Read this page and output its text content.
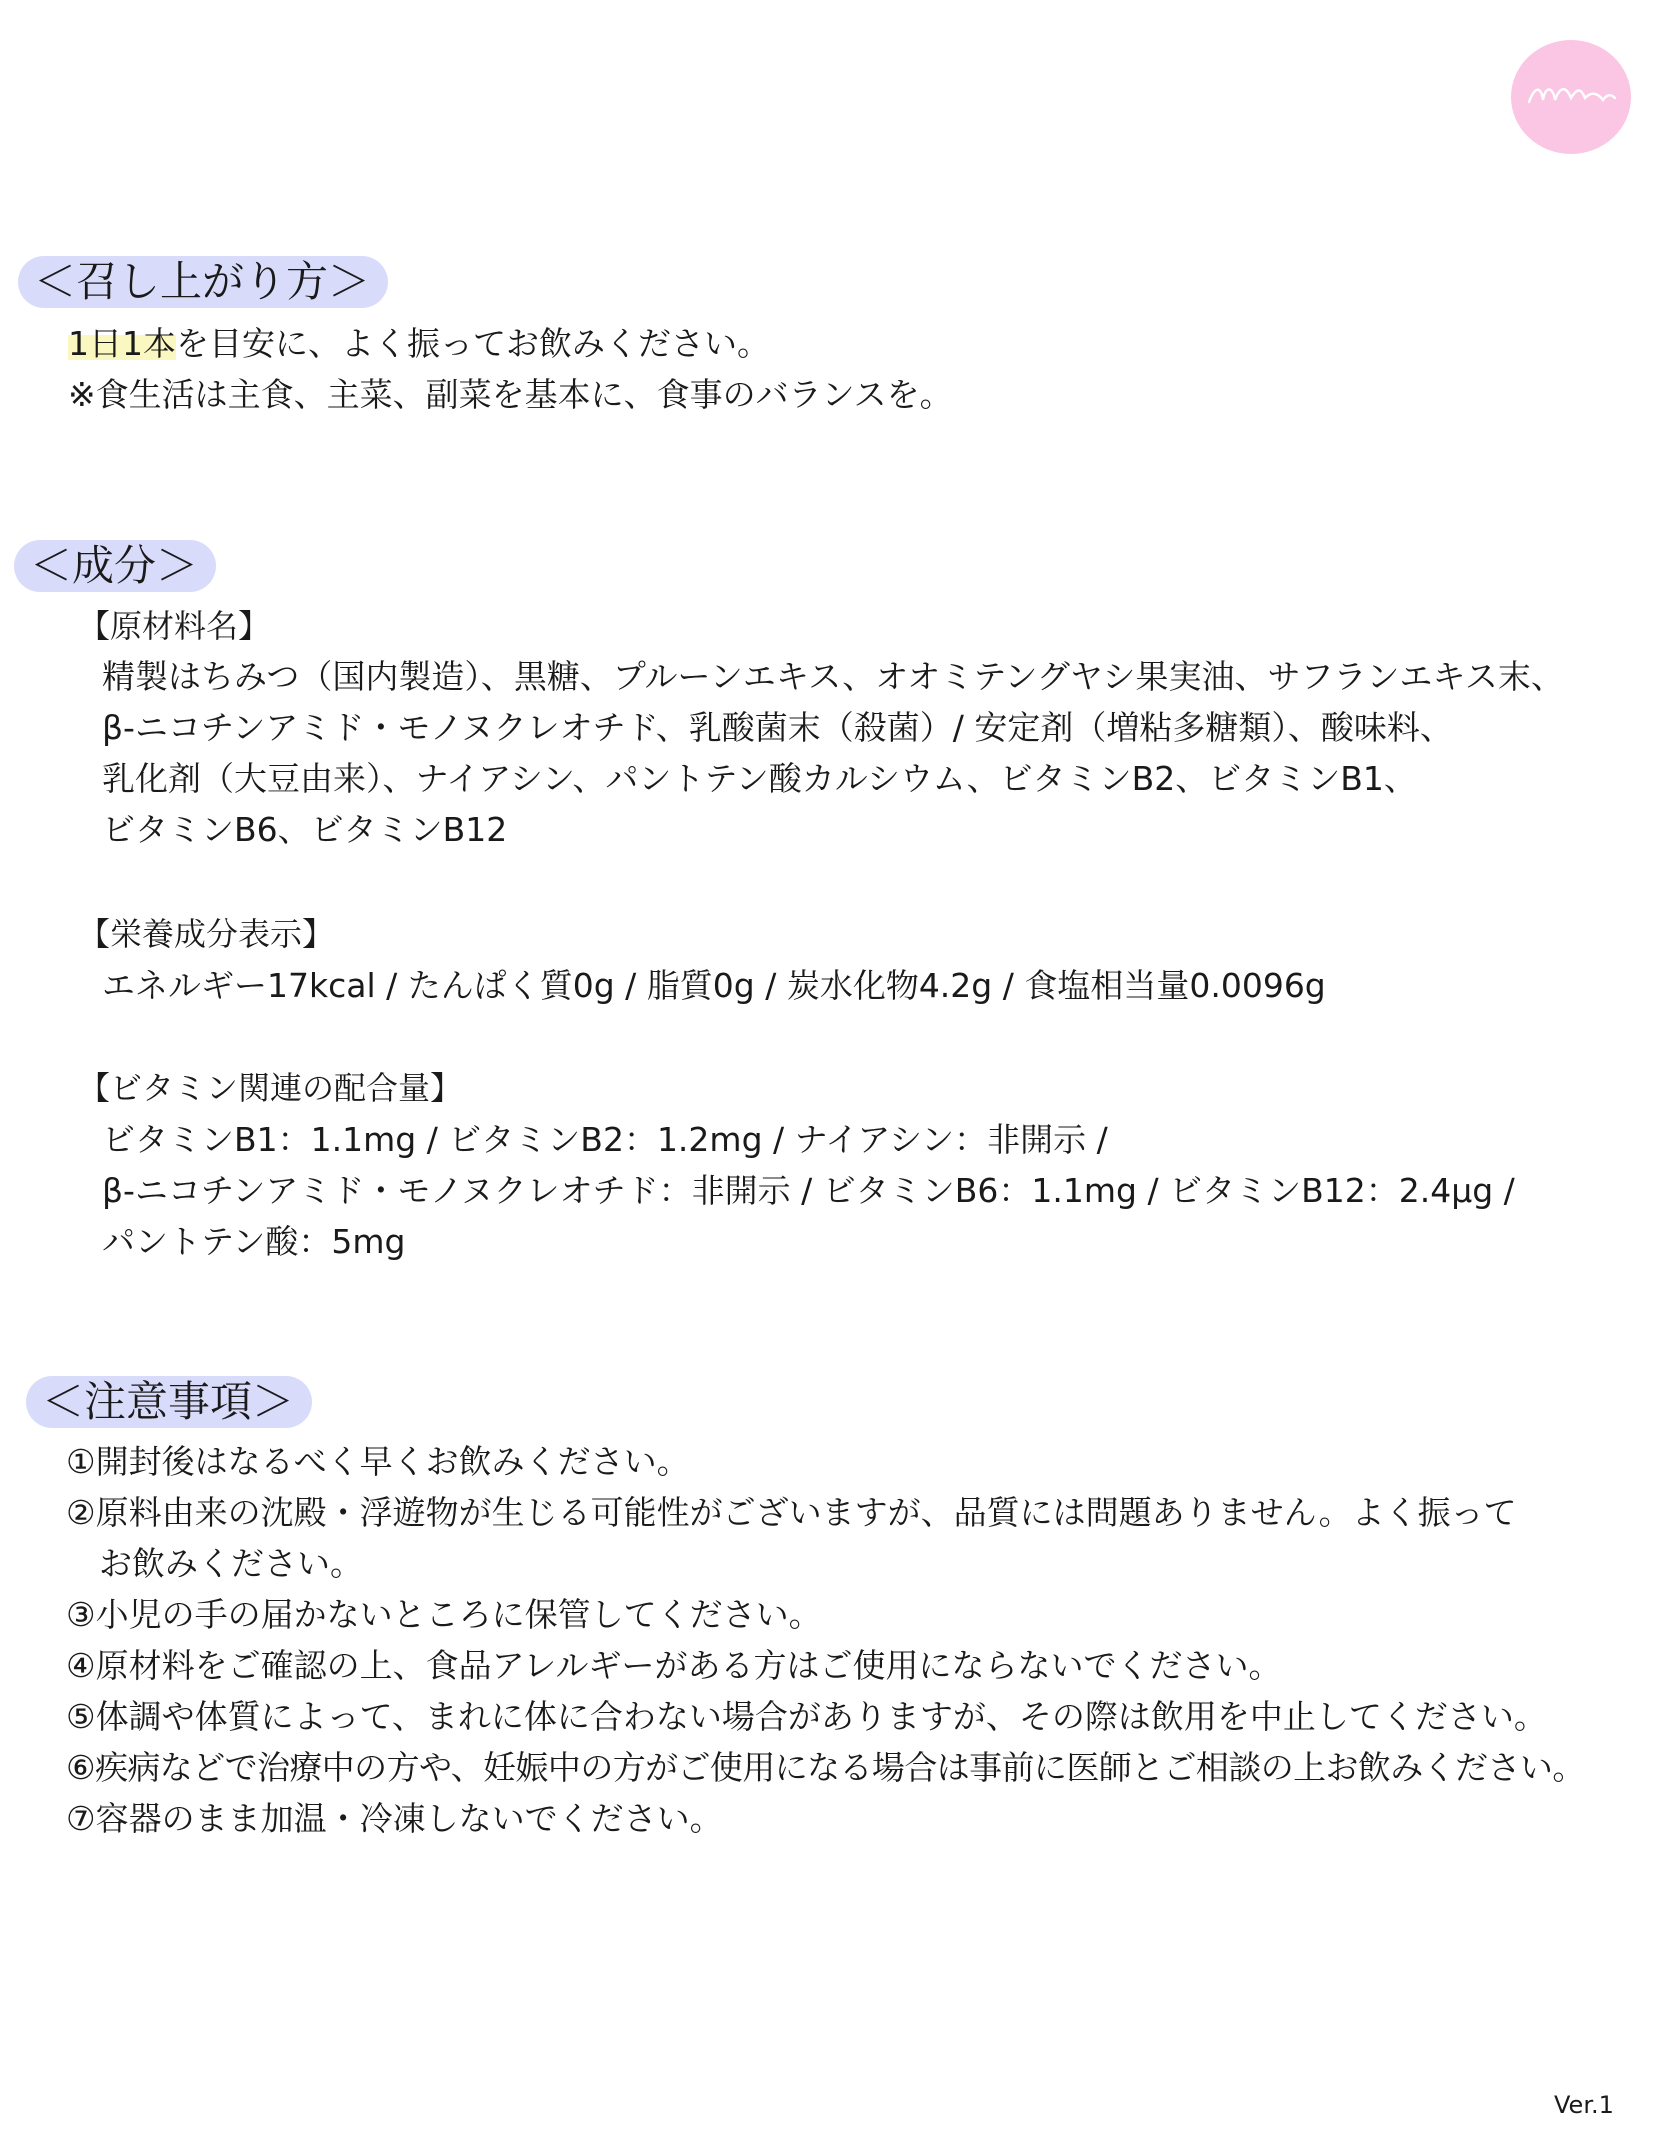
＜召し上がり方＞
1日1本を目安に、よく振ってお飲みください。
※食生活は主食、主菜、副菜を基本に、食事のバランスを。
＜成分＞
【原材料名】
精製はちみつ（国内製造）、黒糖、プルーンエキス、オオミテングヤシ果実油、サフランエキス末、
β-ニコチンアミド・モノヌクレオチド、乳酸菌末（殺菌）/ 安定剤（増粘多糖類）、酸味料、
乳化剤（大豆由来）、ナイアシン、パントテン酸カルシウム、ビタミンB2、ビタミンB1、
ビタミンB6、ビタミンB12
【栄養成分表示】
エネルギー17kcal / たんぱく質0g / 脂質0g / 炭水化物4.2g / 食塩相当量0.0096g
【ビタミン関連の配合量】
ビタミンB1：1.1mg / ビタミンB2：1.2mg / ナイアシン：非開示 /
β-ニコチンアミド・モノヌクレオチド：非開示 / ビタミンB6：1.1mg / ビタミンB12：2.4μg /
パントテン酸：5mg
＜注意事項＞
①開封後はなるべく早くお飲みください。
②原料由来の沈殿・浮遊物が生じる可能性がございますが、品質には問題ありません。よく振って
　お飲みください。
③小児の手の届かないところに保管してください。
④原材料をご確認の上、食品アレルギーがある方はご使用にならないでください。
⑤体調や体質によって、まれに体に合わない場合がありますが、その際は飲用を中止してください。
⑥疾病などで治療中の方や、妊娠中の方がご使用になる場合は事前に医師とご相談の上お飲みください。
⑦容器のまま加温・冷凍しないでください。
Ver.1
